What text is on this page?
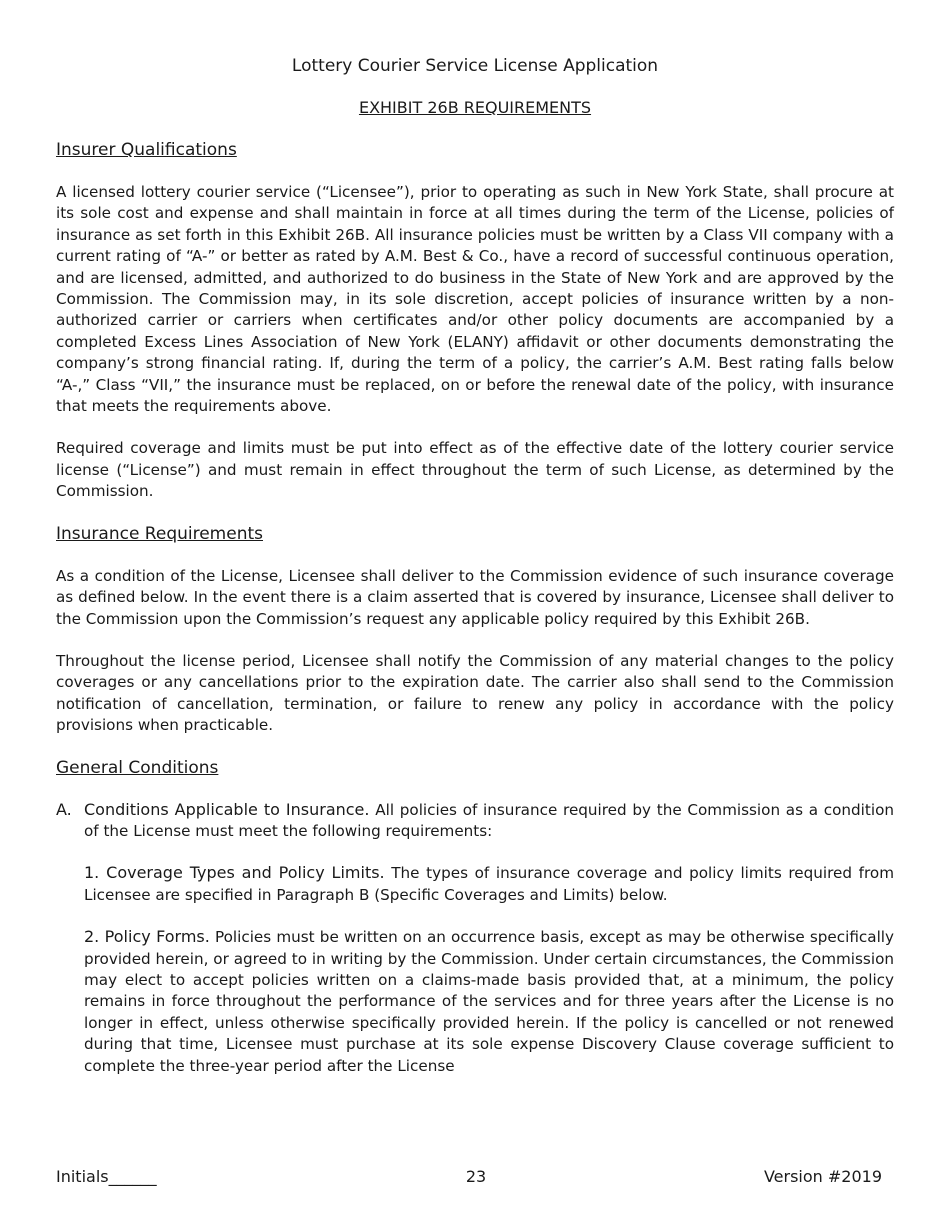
Lottery Courier Service License Application

EXHIBIT 26B REQUIREMENTS

Insurer Qualifications

A licensed lottery courier service (“Licensee”), prior to operating as such in New York State, shall procure at its sole cost and expense and shall maintain in force at all times during the term of the License, policies of insurance as set forth in this Exhibit 26B. All insurance policies must be written by a Class VII company with a current rating of “A-” or better as rated by A.M. Best & Co., have a record of successful continuous operation, and are licensed, admitted, and authorized to do business in the State of New York and are approved by the Commission. The Commission may, in its sole discretion, accept policies of insurance written by a non-authorized carrier or carriers when certificates and/or other policy documents are accompanied by a completed Excess Lines Association of New York (ELANY) affidavit or other documents demonstrating the company’s strong financial rating. If, during the term of a policy, the carrier’s A.M. Best rating falls below “A-,” Class “VII,” the insurance must be replaced, on or before the renewal date of the policy, with insurance that meets the requirements above.

Required coverage and limits must be put into effect as of the effective date of the lottery courier service license (“License”) and must remain in effect throughout the term of such License, as determined by the Commission.

Insurance Requirements

As a condition of the License, Licensee shall deliver to the Commission evidence of such insurance coverage as defined below. In the event there is a claim asserted that is covered by insurance, Licensee shall deliver to the Commission upon the Commission’s request any applicable policy required by this Exhibit 26B.

Throughout the license period, Licensee shall notify the Commission of any material changes to the policy coverages or any cancellations prior to the expiration date. The carrier also shall send to the Commission notification of cancellation, termination, or failure to renew any policy in accordance with the policy provisions when practicable.

General Conditions
A. Conditions Applicable to Insurance. All policies of insurance required by the Commission as a condition of the License must meet the following requirements:

1. Coverage Types and Policy Limits. The types of insurance coverage and policy limits required from Licensee are specified in Paragraph B (Specific Coverages and Limits) below.

2. Policy Forms. Policies must be written on an occurrence basis, except as may be otherwise specifically provided herein, or agreed to in writing by the Commission. Under certain circumstances, the Commission may elect to accept policies written on a claims-made basis provided that, at a minimum, the policy remains in force throughout the performance of the services and for three years after the License is no longer in effect, unless otherwise specifically provided herein. If the policy is cancelled or not renewed during that time, Licensee must purchase at its sole expense Discovery Clause coverage sufficient to complete the three-year period after the License

Initials______	23	Version #2019
